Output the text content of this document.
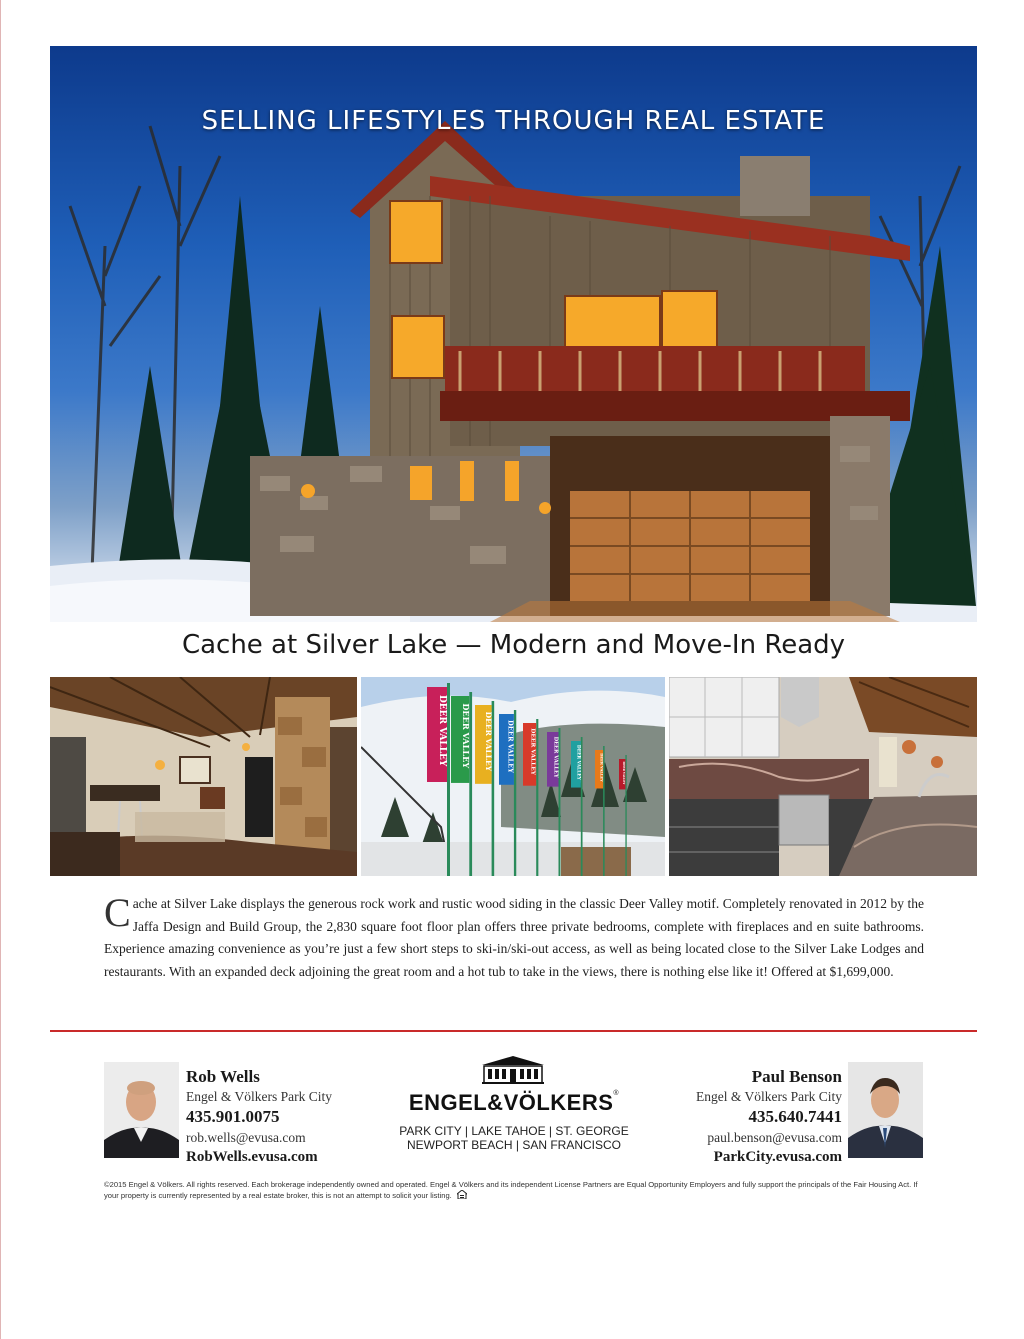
SELLING LIFESTYLES THROUGH REAL ESTATE
Cache at Silver Lake — Modern and Move-In Ready
DEER VALLEY DEER VALLEY DEER VALLEY DEER VALLEY	DEER VALLEY	DEER VALLEY	DEER VALLEY	DEER VALLEY	DEER VALLEY
Cache at Silver Lake displays the generous rock work and rustic wood siding in the classic Deer Valley motif. Completely renovated in 2012 by the Jaffa Design and Build Group, the 2,830 square foot floor plan offers three private bedrooms, complete with fireplaces and en suite bathrooms. Experience amazing convenience as you’re just a few short steps to ski-in/ski-out access, as well as being located close to the Silver Lake Lodges and restaurants. With an expanded deck adjoining the great room and a hot tub to take in the views, there is nothing else like it! Offered at $1,699,000.
Rob Wells
Engel & Völkers Park City
435.901.0075
rob.wells@evusa.com
RobWells.evusa.com
ENGEL&VÖLKERS®
PARK CITY | LAKE TAHOE | ST. GEORGE
NEWPORT BEACH | SAN FRANCISCO
Paul Benson
Engel & Völkers Park City
435.640.7441
paul.benson@evusa.com
ParkCity.evusa.com
©2015 Engel & Völkers. All rights reserved. Each brokerage independently owned and operated. Engel & Völkers and its independent License Partners are Equal Opportunity Employers and fully support the principals of the Fair Housing Act. If your property is currently represented by a real estate broker, this is not an attempt to solicit your listing.
